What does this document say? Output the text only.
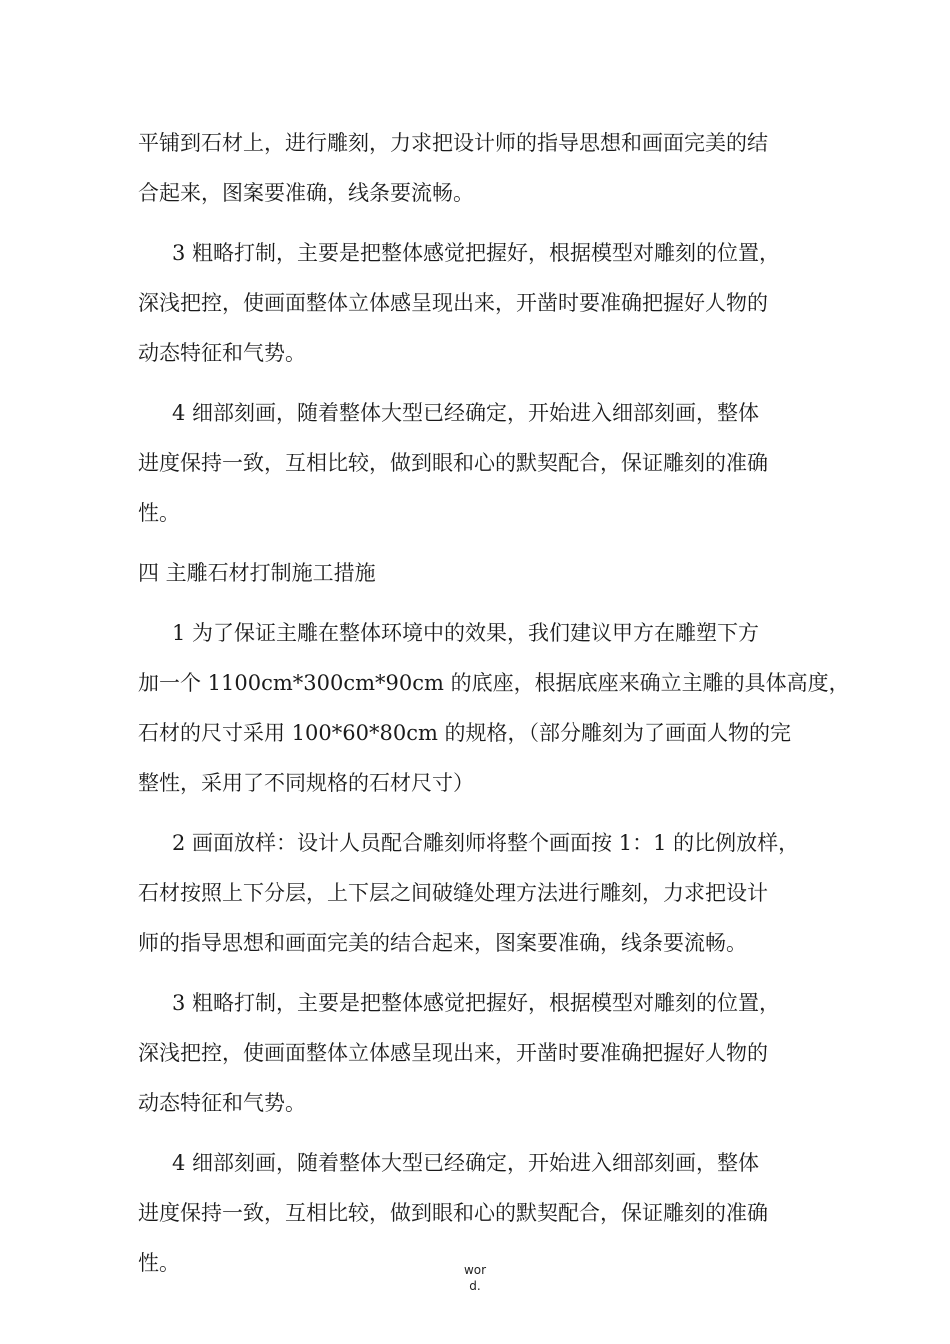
平铺到石材上，进行雕刻，力求把设计师的指导思想和画面完美的结
合起来，图案要准确，线条要流畅。

3 粗略打制，主要是把整体感觉把握好，根据模型对雕刻的位置，
深浅把控，使画面整体立体感呈现出来，开凿时要准确把握好人物的
动态特征和气势。

4 细部刻画，随着整体大型已经确定，开始进入细部刻画，整体
进度保持一致，互相比较，做到眼和心的默契配合，保证雕刻的准确
性。

四 主雕石材打制施工措施

1 为了保证主雕在整体环境中的效果，我们建议甲方在雕塑下方
加一个 1100cm*300cm*90cm 的底座，根据底座来确立主雕的具体高度，
石材的尺寸采用 100*60*80cm 的规格，（部分雕刻为了画面人物的完
整性，采用了不同规格的石材尺寸）

2 画面放样：设计人员配合雕刻师将整个画面按 1：1 的比例放样，
石材按照上下分层，上下层之间破缝处理方法进行雕刻，力求把设计
师的指导思想和画面完美的结合起来，图案要准确，线条要流畅。

3 粗略打制，主要是把整体感觉把握好，根据模型对雕刻的位置，
深浅把控，使画面整体立体感呈现出来，开凿时要准确把握好人物的
动态特征和气势。

4 细部刻画，随着整体大型已经确定，开始进入细部刻画，整体
进度保持一致，互相比较，做到眼和心的默契配合，保证雕刻的准确
性。	wor
d.
